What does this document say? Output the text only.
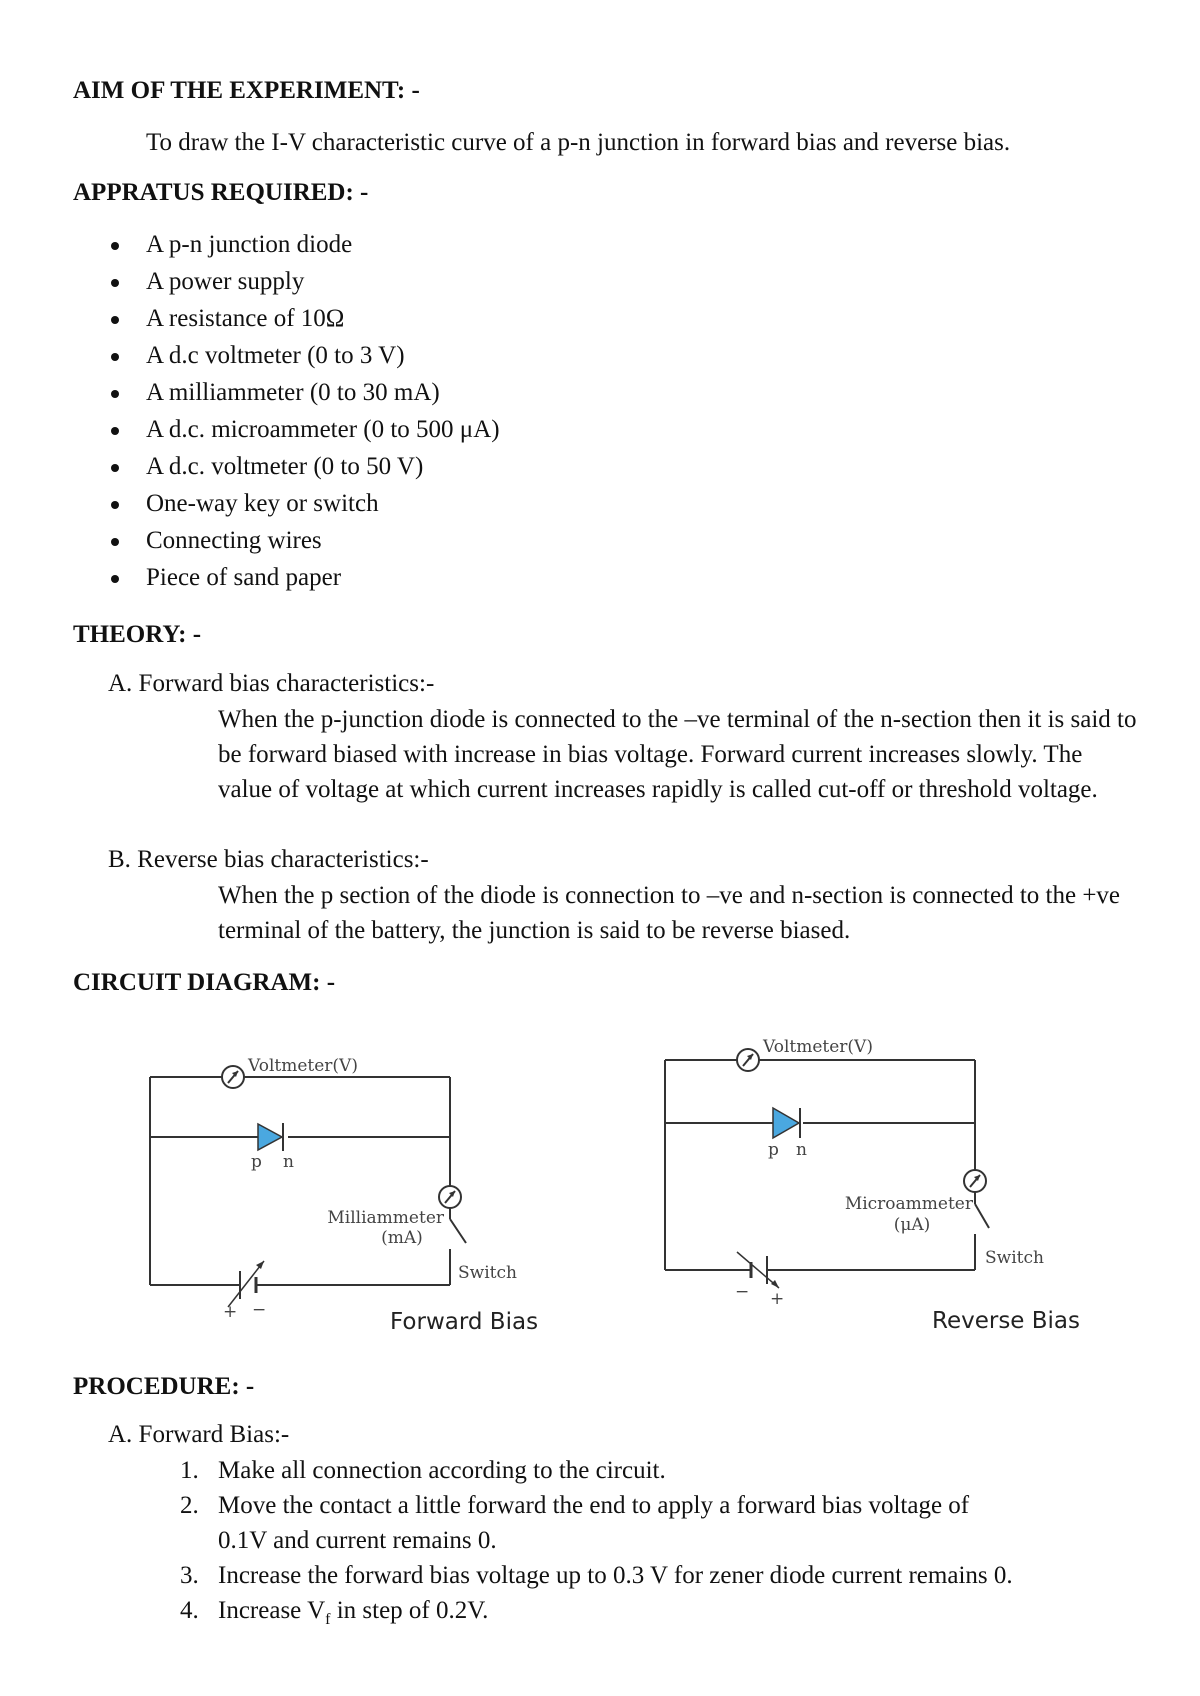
AIM OF THE EXPERIMENT: -
To draw the I-V characteristic curve of a p-n junction in forward bias and reverse bias.
APPRATUS REQUIRED: -
A p-n junction diode
A power supply
A resistance of 10Ω
A d.c voltmeter (0 to 3 V)
A milliammeter (0 to 30 mA)
A d.c. microammeter (0 to 500 μA)
A d.c. voltmeter (0 to 50 V)
One-way key or switch
Connecting wires
Piece of sand paper
THEORY: -
A. Forward bias characteristics:-
When the p-junction diode is connected to the –ve terminal of the n-section then it is said to be forward biased with increase in bias voltage. Forward current increases slowly. The value of voltage at which current increases rapidly is called cut-off or threshold voltage.
B. Reverse bias characteristics:-
When the p section of the diode is connection to –ve and n-section is connected to the +ve terminal of the battery, the junction is said to be reverse biased.
CIRCUIT DIAGRAM: -
Voltmeter(V)
p n
Milliammeter
(mA)
Switch
+ −	Forward Bias
Voltmeter(V)
p n
Microammeter
(μA)
Switch
− +
Reverse Bias
PROCEDURE: -
A. Forward Bias:-
1. Make all connection according to the circuit.
2. Move the contact a little forward the end to apply a forward bias voltage of
0.1V and current remains 0.
3. Increase the forward bias voltage up to 0.3 V for zener diode current remains 0.
4. Increase $V_f$ in step of 0.2V.
